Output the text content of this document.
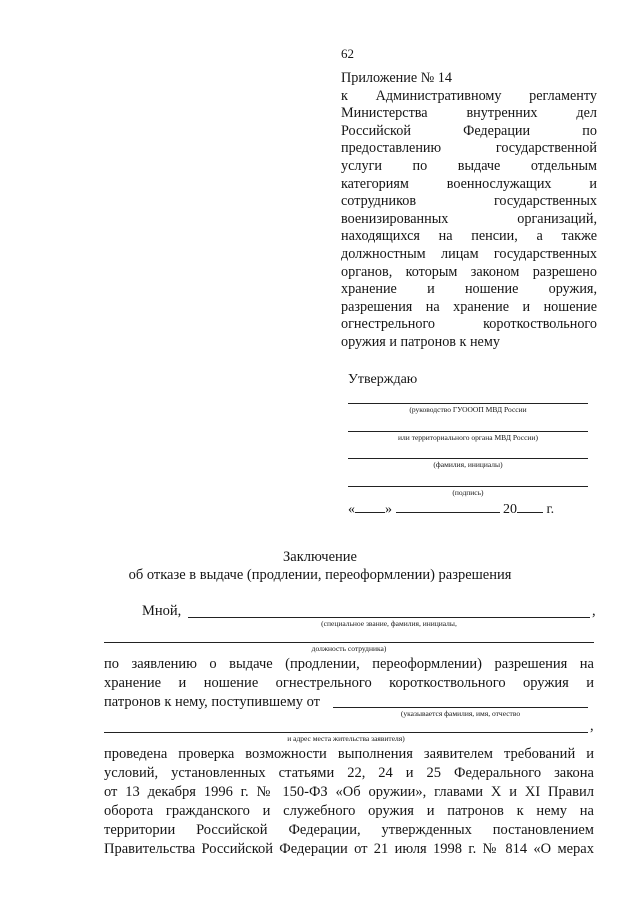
62
Приложение № 14
к Административному регламенту
Министерства внутренних дел
Российской Федерации по
предоставлению государственной
услуги по выдаче отдельным
категориям военнослужащих и
сотрудников государственных
военизированных организаций,
находящихся на пенсии, а также
должностным лицам государственных
органов, которым законом разрешено
хранение и ношение оружия,
разрешения на хранение и ношение
огнестрельного короткоствольного
оружия и патронов к нему
Утверждаю
(руководство ГУОООП МВД России
или территориального органа МВД России)
(фамилия, инициалы)
(подпись)
« »	20 г.
Заключение
об отказе в выдаче (продлении, переоформлении) разрешения
Мной,	,
(специальное звание, фамилия, инициалы,
должность сотрудника)
по заявлению о выдаче (продлении, переоформлении) разрешения на
хранение и ношение огнестрельного короткоствольного оружия и
патронов к нему, поступившему от
(указывается фамилия, имя, отчество
,
и адрес места жительства заявителя)
проведена проверка возможности выполнения заявителем требований и
условий, установленных статьями 22, 24 и 25 Федерального закона
от 13 декабря 1996 г. № 150-ФЗ «Об оружии», главами X и XI Правил
оборота гражданского и служебного оружия и патронов к нему на
территории Российской Федерации, утвержденных постановлением
Правительства Российской Федерации от 21 июля 1998 г. № 814 «О мерах
